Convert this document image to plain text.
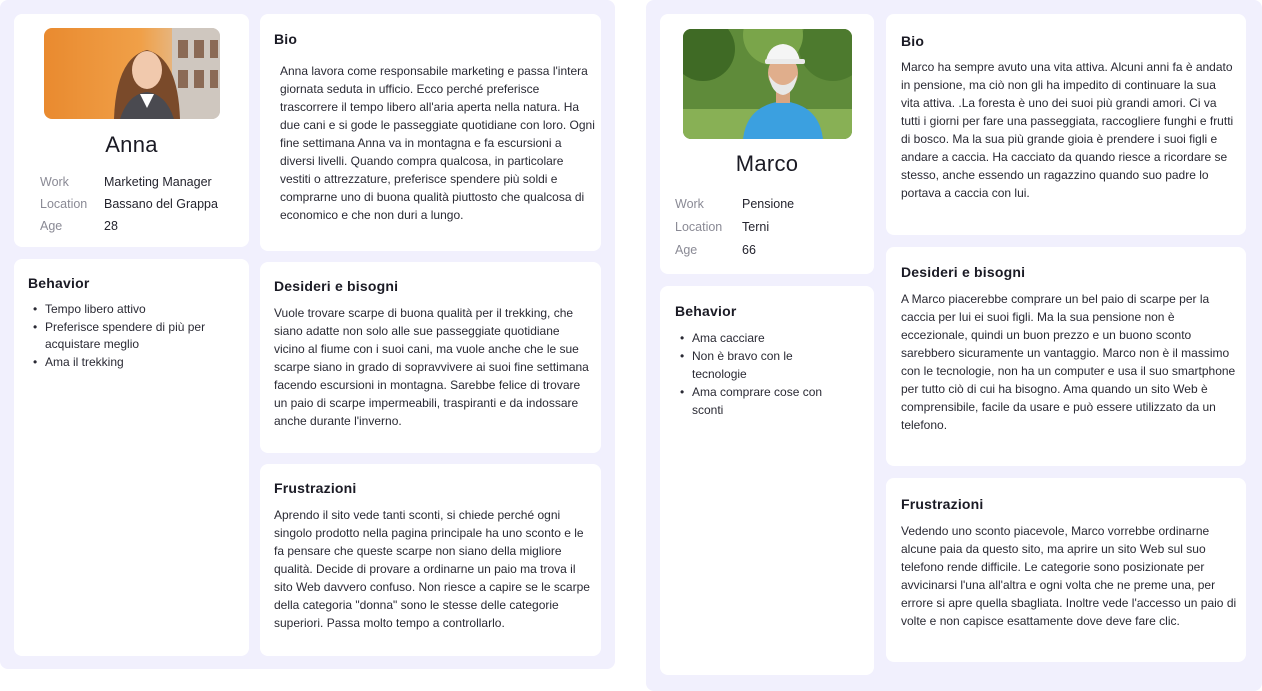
Anna
Work	Marketing Manager
Location	Bassano del Grappa
Age	28
Behavior
• Tempo libero attivo
• Preferisce spendere di più per acquistare meglio
• Ama il trekking
Bio
Anna lavora come responsabile marketing e passa l'intera giornata seduta in ufficio. Ecco perché preferisce trascorrere il tempo libero all'aria aperta nella natura. Ha due cani e si gode le passeggiate quotidiane con loro. Ogni fine settimana Anna va in montagna e fa escursioni a diversi livelli. Quando compra qualcosa, in particolare vestiti o attrezzature, preferisce spendere più soldi e comprarne uno di buona qualità piuttosto che qualcosa di economico e che non duri a lungo.
Desideri e bisogni
Vuole trovare scarpe di buona qualità per il trekking, che siano adatte non solo alle sue passeggiate quotidiane vicino al fiume con i suoi cani, ma vuole anche che le sue scarpe siano in grado di sopravvivere ai suoi fine settimana facendo escursioni in montagna. Sarebbe felice di trovare un paio di scarpe impermeabili, traspiranti e da indossare anche durante l'inverno.
Frustrazioni
Aprendo il sito vede tanti sconti, si chiede perché ogni singolo prodotto nella pagina principale ha uno sconto e le fa pensare che queste scarpe non siano della migliore qualità. Decide di provare a ordinarne un paio ma trova il sito Web davvero confuso. Non riesce a capire se le scarpe della categoria "donna" sono le stesse delle categorie superiori. Passa molto tempo a controllarlo.
Marco
Work	Pensione
Location	Terni
Age	66
Behavior
• Ama cacciare
• Non è bravo con le tecnologie
• Ama comprare cose con sconti
Bio
Marco ha sempre avuto una vita attiva. Alcuni anni fa è andato in pensione, ma ciò non gli ha impedito di continuare la sua vita attiva. .La foresta è uno dei suoi più grandi amori. Ci va tutti i giorni per fare una passeggiata, raccogliere funghi e frutti di bosco. Ma la sua più grande gioia è prendere i suoi figli e andare a caccia. Ha cacciato da quando riesce a ricordare se stesso, anche essendo un ragazzino quando suo padre lo portava a caccia con lui.
Desideri e bisogni
A Marco piacerebbe comprare un bel paio di scarpe per la caccia per lui ei suoi figli. Ma la sua pensione non è eccezionale, quindi un buon prezzo e un buono sconto sarebbero sicuramente un vantaggio. Marco non è il massimo con le tecnologie, non ha un computer e usa il suo smartphone per tutto ciò di cui ha bisogno. Ama quando un sito Web è comprensibile, facile da usare e può essere utilizzato da un telefono.
Frustrazioni
Vedendo uno sconto piacevole, Marco vorrebbe ordinarne alcune paia da questo sito, ma aprire un sito Web sul suo telefono rende difficile. Le categorie sono posizionate per avvicinarsi l'una all'altra e ogni volta che ne preme una, per errore si apre quella sbagliata. Inoltre vede l'accesso un paio di volte e non capisce esattamente dove deve fare clic.
